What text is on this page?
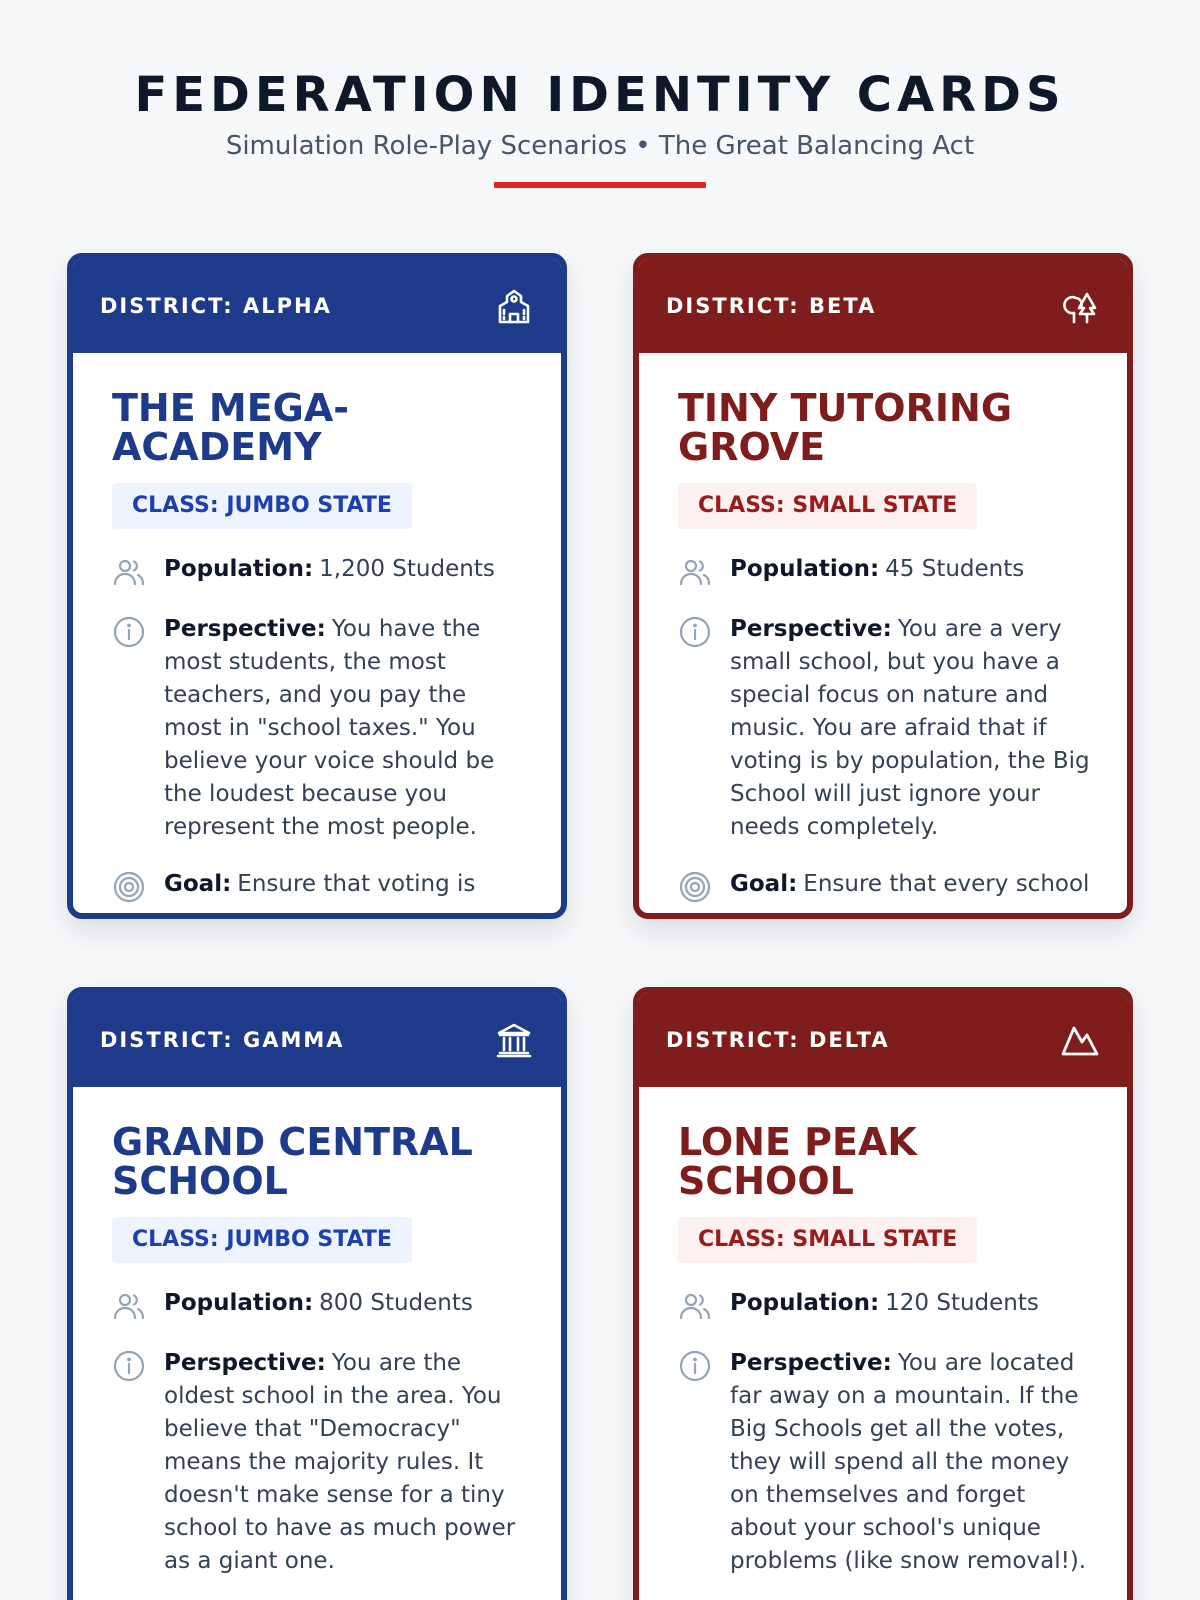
FEDERATION IDENTITY CARDS
Simulation Role-Play Scenarios • The Great Balancing Act
DISTRICT: ALPHA
THE MEGA-ACADEMY
CLASS: JUMBO STATE
Population: 1,200 Students
Perspective: You have the most students, the most teachers, and you pay the most in "school taxes." You believe your voice should be the loudest because you represent the most people.
Goal: Ensure that voting is
DISTRICT: BETA
TINY TUTORING GROVE
CLASS: SMALL STATE
Population: 45 Students
Perspective: You are a very small school, but you have a special focus on nature and music. You are afraid that if voting is by population, the Big School will just ignore your needs completely.
Goal: Ensure that every school
DISTRICT: GAMMA
GRAND CENTRAL SCHOOL
CLASS: JUMBO STATE
Population: 800 Students
Perspective: You are the oldest school in the area. You believe that "Democracy" means the majority rules. It doesn't make sense for a tiny school to have as much power as a giant one.
DISTRICT: DELTA
LONE PEAK SCHOOL
CLASS: SMALL STATE
Population: 120 Students
Perspective: You are located far away on a mountain. If the Big Schools get all the votes, they will spend all the money on themselves and forget about your school's unique problems (like snow removal!).
